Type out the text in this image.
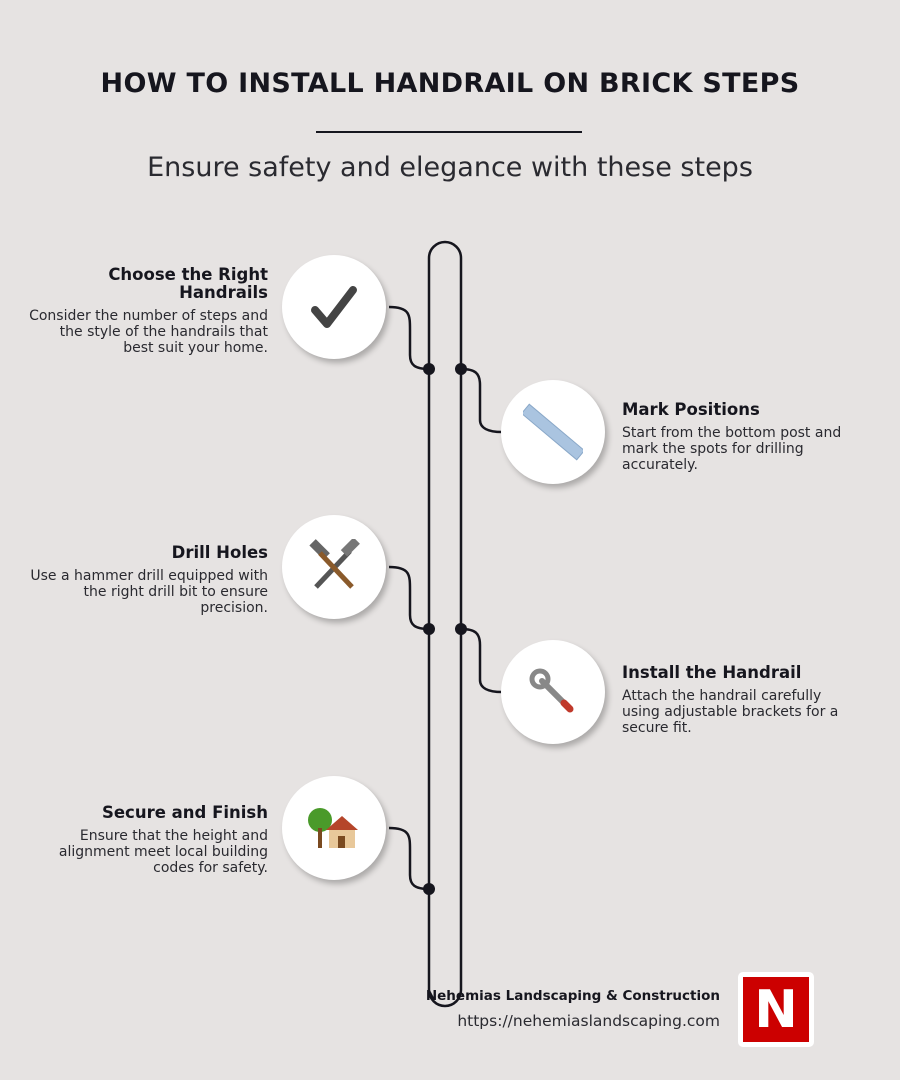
HOW TO INSTALL HANDRAIL ON BRICK STEPS
Ensure safety and elegance with these steps
Choose the Right Handrails

Consider the number of steps and the style of the handrails that best suit your home.

Mark Positions

Start from the bottom post and mark the spots for drilling accurately.

Drill Holes

Use a hammer drill equipped with the right drill bit to ensure precision.

Install the Handrail

Attach the handrail carefully using adjustable brackets for a secure fit.

Secure and Finish

Ensure that the height and alignment meet local building codes for safety.

Nehemias Landscaping & Construction
https://nehemiaslandscaping.com N
